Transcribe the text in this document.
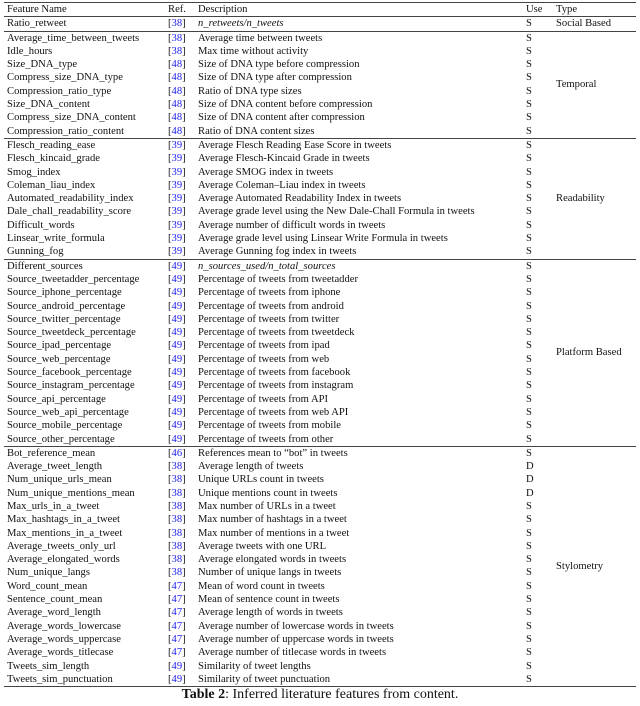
Feature Name	Ref.	Description	Use	Type
Ratio_retweet	[38]	n_retweets/n_tweets	S	Social Based
Average_time_between_tweets	[38]	Average time between tweets	S	Temporal
Idle_hours	[38]	Max time without activity	S	
Size_DNA_type	[48]	Size of DNA type before compression	S	
Compress_size_DNA_type	[48]	Size of DNA type after compression	S	
Compression_ratio_type	[48]	Ratio of DNA type sizes	S	
Size_DNA_content	[48]	Size of DNA content before compression	S	
Compress_size_DNA_content	[48]	Size of DNA content after compression	S	
Compression_ratio_content	[48]	Ratio of DNA content sizes	S	
Flesch_reading_ease	[39]	Average Flesch Reading Ease Score in tweets	S	Readability
Flesch_kincaid_grade	[39]	Average Flesch-Kincaid Grade in tweets	S	
Smog_index	[39]	Average SMOG index in tweets	S	
Coleman_liau_index	[39]	Average Coleman–Liau index in tweets	S	
Automated_readability_index	[39]	Average Automated Readability Index in tweets	S	
Dale_chall_readability_score	[39]	Average grade level using the New Dale-Chall Formula in tweets	S	
Difficult_words	[39]	Average number of difficult words in tweets	S	
Linsear_write_formula	[39]	Average grade level using Linsear Write Formula in tweets	S	
Gunning_fog	[39]	Average Gunning fog index in tweets	S	
Different_sources	[49]	n_sources_used/n_total_sources	S	Platform Based
Source_tweetadder_percentage	[49]	Percentage of tweets from tweetadder	S	
Source_iphone_percentage	[49]	Percentage of tweets from iphone	S	
Source_android_percentage	[49]	Percentage of tweets from android	S	
Source_twitter_percentage	[49]	Percentage of tweets from twitter	S	
Source_tweetdeck_percentage	[49]	Percentage of tweets from tweetdeck	S	
Source_ipad_percentage	[49]	Percentage of tweets from ipad	S	
Source_web_percentage	[49]	Percentage of tweets from web	S	
Source_facebook_percentage	[49]	Percentage of tweets from facebook	S	
Source_instagram_percentage	[49]	Percentage of tweets from instagram	S	
Source_api_percentage	[49]	Percentage of tweets from API	S	
Source_web_api_percentage	[49]	Percentage of tweets from web API	S	
Source_mobile_percentage	[49]	Percentage of tweets from mobile	S	
Source_other_percentage	[49]	Percentage of tweets from other	S	
Bot_reference_mean	[46]	References mean to “bot” in tweets	S	Stylometry
Average_tweet_length	[38]	Average length of tweets	D	
Num_unique_urls_mean	[38]	Unique URLs count in tweets	D	
Num_unique_mentions_mean	[38]	Unique mentions count in tweets	D	
Max_urls_in_a_tweet	[38]	Max number of URLs in a tweet	S	
Max_hashtags_in_a_tweet	[38]	Max number of hashtags in a tweet	S	
Max_mentions_in_a_tweet	[38]	Max number of mentions in a tweet	S	
Average_tweets_only_url	[38]	Average tweets with one URL	S	
Average_elongated_words	[38]	Average elongated words in tweets	S	
Num_unique_langs	[38]	Number of unique langs in tweets	S	
Word_count_mean	[47]	Mean of word count in tweets	S	
Sentence_count_mean	[47]	Mean of sentence count in tweets	S	
Average_word_length	[47]	Average length of words in tweets	S	
Average_words_lowercase	[47]	Average number of lowercase words in tweets	S	
Average_words_uppercase	[47]	Average number of uppercase words in tweets	S	
Average_words_titlecase	[47]	Average number of titlecase words in tweets	S	
Tweets_sim_length	[49]	Similarity of tweet lengths	S	
Tweets_sim_punctuation	[49]	Similarity of tweet punctuation	S	
Table 2: Inferred literature features from content.
